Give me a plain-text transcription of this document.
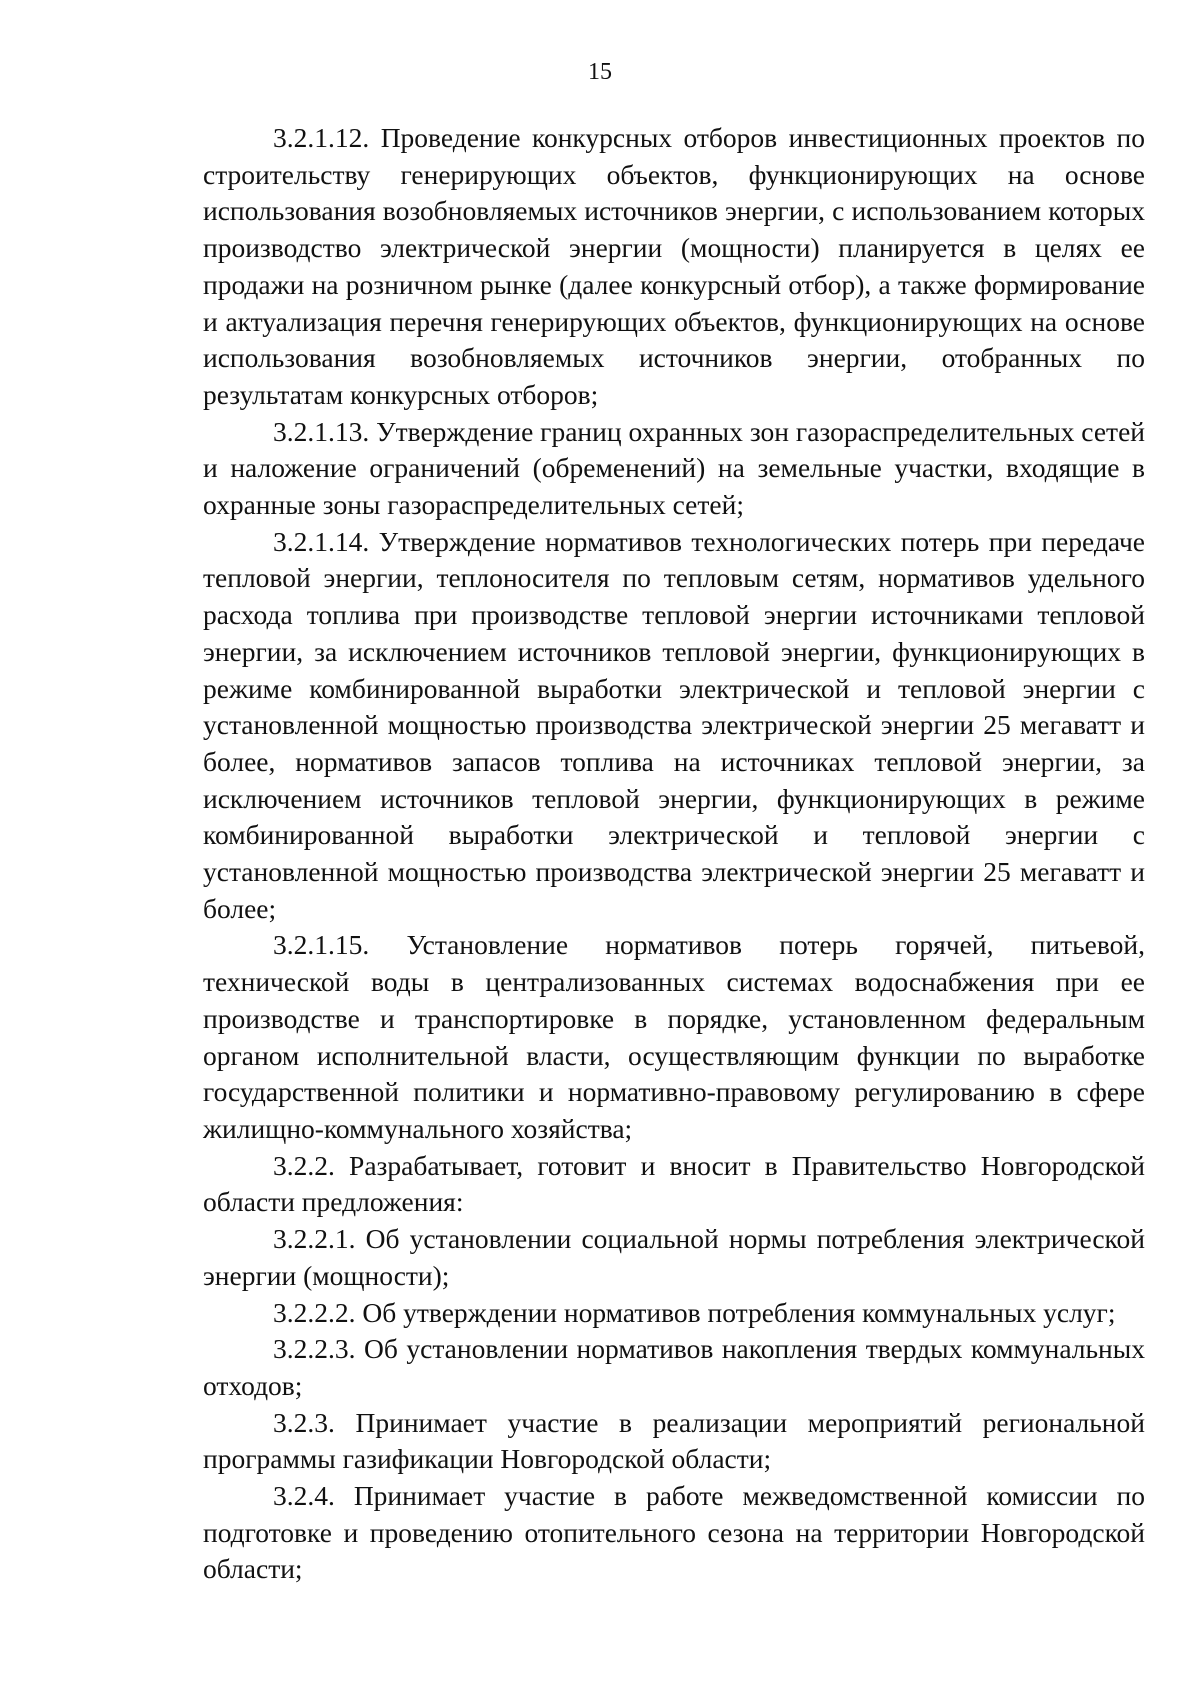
15

3.2.1.12. Проведение конкурсных отборов инвестиционных проектов по строительству генерирующих объектов, функционирующих на основе использования возобновляемых источников энергии, с использованием которых производство электрической энергии (мощности) планируется в целях ее продажи на розничном рынке (далее конкурсный отбор), а также формирование и актуализация перечня генерирующих объектов, функционирующих на основе использования возобновляемых источников энергии, отобранных по результатам конкурсных отборов;

3.2.1.13. Утверждение границ охранных зон газораспределительных сетей и наложение ограничений (обременений) на земельные участки, входящие в охранные зоны газораспределительных сетей;

3.2.1.14. Утверждение нормативов технологических потерь при передаче тепловой энергии, теплоносителя по тепловым сетям, нормативов удельного расхода топлива при производстве тепловой энергии источниками тепловой энергии, за исключением источников тепловой энергии, функционирующих в режиме комбинированной выработки электрической и тепловой энергии с установленной мощностью производства электрической энергии 25 мегаватт и более, нормативов запасов топлива на источниках тепловой энергии, за исключением источников тепловой энергии, функционирующих в режиме комбинированной выработки электрической и тепловой энергии с установленной мощностью производства электрической энергии 25 мегаватт и более;

3.2.1.15. Установление нормативов потерь горячей, питьевой, технической воды в централизованных системах водоснабжения при ее производстве и транспортировке в порядке, установленном федеральным органом исполнительной власти, осуществляющим функции по выработке государственной политики и нормативно-правовому регулированию в сфере жилищно-коммунального хозяйства;

3.2.2. Разрабатывает, готовит и вносит в Правительство Новгородской области предложения:

3.2.2.1. Об установлении социальной нормы потребления электрической энергии (мощности);

3.2.2.2. Об утверждении нормативов потребления коммунальных услуг;

3.2.2.3. Об установлении нормативов накопления твердых коммунальных отходов;

3.2.3. Принимает участие в реализации мероприятий региональной программы газификации Новгородской области;

3.2.4. Принимает участие в работе межведомственной комиссии по подготовке и проведению отопительного сезона на территории Новгородской области;
